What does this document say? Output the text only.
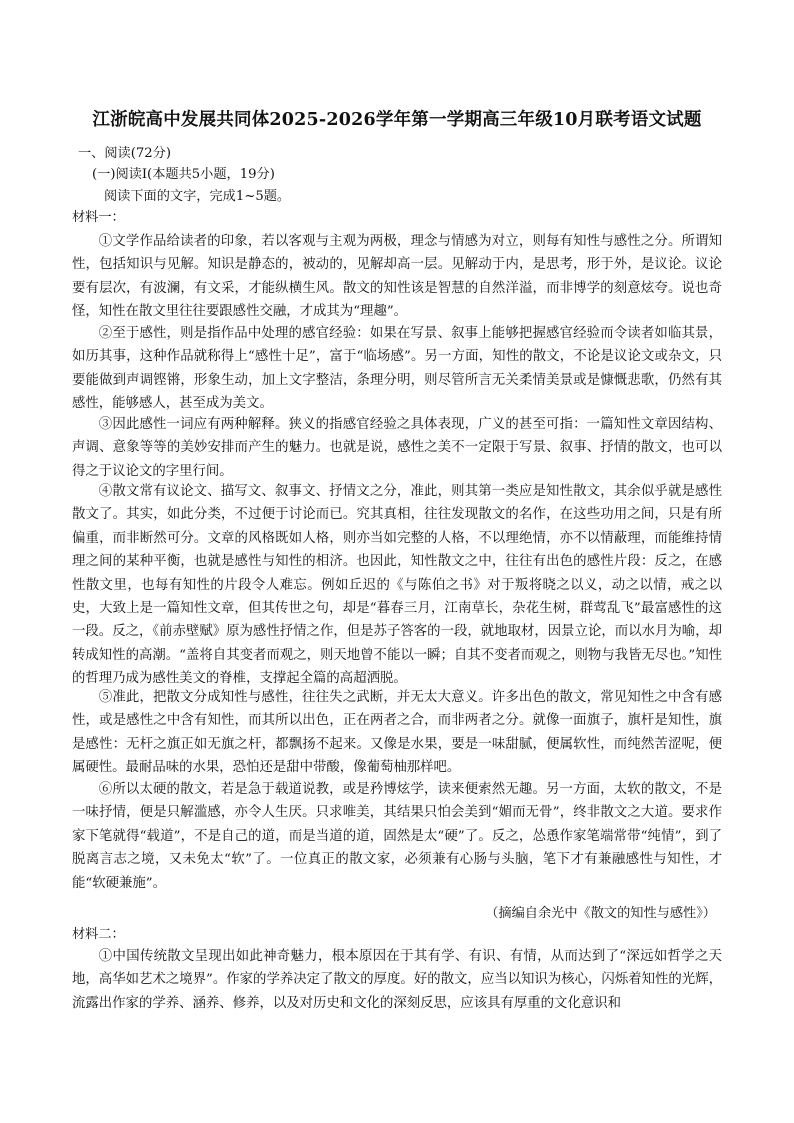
江浙皖高中发展共同体2025-2026学年第一学期高三年级10月联考语文试题
一、阅读(72分)
(一)阅读Ⅰ(本题共5小题，19分)
阅读下面的文字，完成1~5题。
材料一：
①文学作品给读者的印象，若以客观与主观为两极，理念与情感为对立，则每有知性与感性之分。所谓知性，包括知识与见解。知识是静态的，被动的，见解却高一层。见解动于内，是思考，形于外，是议论。议论要有层次，有波澜，有文采，才能纵横生风。散文的知性该是智慧的自然洋溢，而非博学的刻意炫夸。说也奇怪，知性在散文里往往要跟感性交融，才成其为“理趣”。
②至于感性，则是指作品中处理的感官经验：如果在写景、叙事上能够把握感官经验而令读者如临其景，如历其事，这种作品就称得上“感性十足”，富于“临场感”。另一方面，知性的散文，不论是议论文或杂文，只要能做到声调铿锵，形象生动，加上文字整洁，条理分明，则尽管所言无关柔情美景或是慷慨悲歌，仍然有其感性，能够感人，甚至成为美文。
③因此感性一词应有两种解释。狭义的指感官经验之具体表现，广义的甚至可指：一篇知性文章因结构、声调、意象等等的美妙安排而产生的魅力。也就是说，感性之美不一定限于写景、叙事、抒情的散文，也可以得之于议论文的字里行间。
④散文常有议论文、描写文、叙事文、抒情文之分，准此，则其第一类应是知性散文，其余似乎就是感性散文了。其实，如此分类，不过便于讨论而已。究其真相，往往发现散文的名作，在这些功用之间，只是有所偏重，而非断然可分。文章的风格既如人格，则亦当如完整的人格，不以理绝情，亦不以情蔽理，而能维持情理之间的某种平衡，也就是感性与知性的相济。也因此，知性散文之中，往往有出色的感性片段：反之，在感性散文里，也每有知性的片段令人难忘。例如丘迟的《与陈伯之书》对于叛将晓之以义，动之以情，戒之以史，大致上是一篇知性文章，但其传世之句，却是“暮春三月，江南草长，杂花生树，群莺乱飞”最富感性的这一段。反之，《前赤壁赋》原为感性抒情之作，但是苏子答客的一段，就地取材，因景立论，而以水月为喻，却转成知性的高潮。“盖将自其变者而观之，则天地曾不能以一瞬；自其不变者而观之，则物与我皆无尽也。”知性的哲理乃成为感性美文的脊椎，支撑起全篇的高超洒脱。
⑤准此，把散文分成知性与感性，往往失之武断，并无太大意义。许多出色的散文，常见知性之中含有感性，或是感性之中含有知性，而其所以出色，正在两者之合，而非两者之分。就像一面旗子，旗杆是知性，旗是感性：无杆之旗正如无旗之杆，都飘扬不起来。又像是水果，要是一味甜腻，便属软性，而纯然苦涩呢，便属硬性。最耐品味的水果，恐怕还是甜中带酸，像葡萄柚那样吧。
⑥所以太硬的散文，若是急于载道说教，或是矜博炫学，读来便索然无趣。另一方面，太软的散文，不是一味抒情，便是只解滥感，亦令人生厌。只求唯美，其结果只怕会美到“媚而无骨”，终非散文之大道。要求作家下笔就得“载道”，不是自己的道，而是当道的道，固然是太“硬”了。反之，怂恿作家笔端常带“纯情”，到了脱离言志之境，又未免太“软”了。一位真正的散文家，必须兼有心肠与头脑，笔下才有兼融感性与知性，才能“软硬兼施”。
（摘编自余光中《散文的知性与感性》）
材料二：
①中国传统散文呈现出如此神奇魅力，根本原因在于其有学、有识、有情，从而达到了“深远如哲学之天地，高华如艺术之境界”。作家的学养决定了散文的厚度。好的散文，应当以知识为核心，闪烁着知性的光辉，流露出作家的学养、涵养、修养，以及对历史和文化的深刻反思，应该具有厚重的文化意识和
